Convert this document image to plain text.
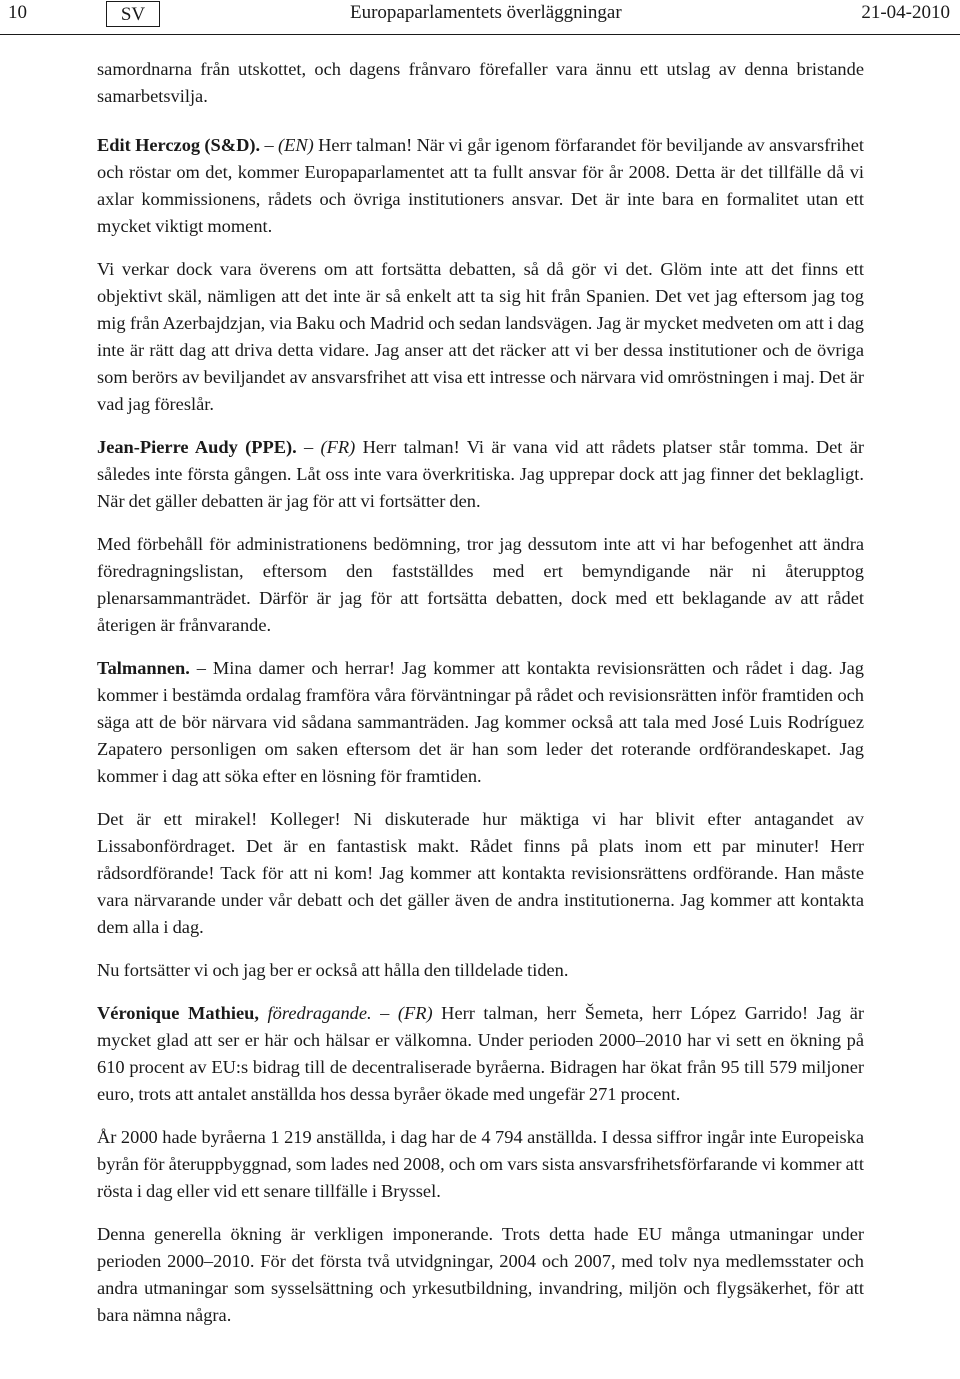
10	SV	Europaparlamentets överläggningar	21-04-2010

samordnarna från utskottet, och dagens frånvaro förefaller vara ännu ett utslag av denna bristande samarbetsvilja.

Edit Herczog (S&D). – (EN) Herr talman! När vi går igenom förfarandet för beviljande av ansvarsfrihet och röstar om det, kommer Europaparlamentet att ta fullt ansvar för år 2008. Detta är det tillfälle då vi axlar kommissionens, rådets och övriga institutioners ansvar. Det är inte bara en formalitet utan ett mycket viktigt moment.

Vi verkar dock vara överens om att fortsätta debatten, så då gör vi det. Glöm inte att det finns ett objektivt skäl, nämligen att det inte är så enkelt att ta sig hit från Spanien. Det vet jag eftersom jag tog mig från Azerbajdzjan, via Baku och Madrid och sedan landsvägen. Jag är mycket medveten om att i dag inte är rätt dag att driva detta vidare. Jag anser att det räcker att vi ber dessa institutioner och de övriga som berörs av beviljandet av ansvarsfrihet att visa ett intresse och närvara vid omröstningen i maj. Det är vad jag föreslår.

Jean-Pierre Audy (PPE). – (FR) Herr talman! Vi är vana vid att rådets platser står tomma. Det är således inte första gången. Låt oss inte vara överkritiska. Jag upprepar dock att jag finner det beklagligt. När det gäller debatten är jag för att vi fortsätter den.

Med förbehåll för administrationens bedömning, tror jag dessutom inte att vi har befogenhet att ändra föredragningslistan, eftersom den fastställdes med ert bemyndigande när ni återupptog plenarsammanträdet. Därför är jag för att fortsätta debatten, dock med ett beklagande av att rådet återigen är frånvarande.

Talmannen. – Mina damer och herrar! Jag kommer att kontakta revisionsrätten och rådet i dag. Jag kommer i bestämda ordalag framföra våra förväntningar på rådet och revisionsrätten inför framtiden och säga att de bör närvara vid sådana sammanträden. Jag kommer också att tala med José Luis Rodríguez Zapatero personligen om saken eftersom det är han som leder det roterande ordförandeskapet. Jag kommer i dag att söka efter en lösning för framtiden.

Det är ett mirakel! Kolleger! Ni diskuterade hur mäktiga vi har blivit efter antagandet av Lissabonfördraget. Det är en fantastisk makt. Rådet finns på plats inom ett par minuter! Herr rådsordförande! Tack för att ni kom! Jag kommer att kontakta revisionsrättens ordförande. Han måste vara närvarande under vår debatt och det gäller även de andra institutionerna. Jag kommer att kontakta dem alla i dag.

Nu fortsätter vi och jag ber er också att hålla den tilldelade tiden.

Véronique Mathieu, föredragande. – (FR) Herr talman, herr Šemeta, herr López Garrido! Jag är mycket glad att ser er här och hälsar er välkomna. Under perioden 2000–2010 har vi sett en ökning på 610 procent av EU:s bidrag till de decentraliserade byråerna. Bidragen har ökat från 95 till 579 miljoner euro, trots att antalet anställda hos dessa byråer ökade med ungefär 271 procent.

År 2000 hade byråerna 1 219 anställda, i dag har de 4 794 anställda. I dessa siffror ingår inte Europeiska byrån för återuppbyggnad, som lades ned 2008, och om vars sista ansvarsfrihetsförfarande vi kommer att rösta i dag eller vid ett senare tillfälle i Bryssel.

Denna generella ökning är verkligen imponerande. Trots detta hade EU många utmaningar under perioden 2000–2010. För det första två utvidgningar, 2004 och 2007, med tolv nya medlemsstater och andra utmaningar som sysselsättning och yrkesutbildning, invandring, miljön och flygsäkerhet, för att bara nämna några.
